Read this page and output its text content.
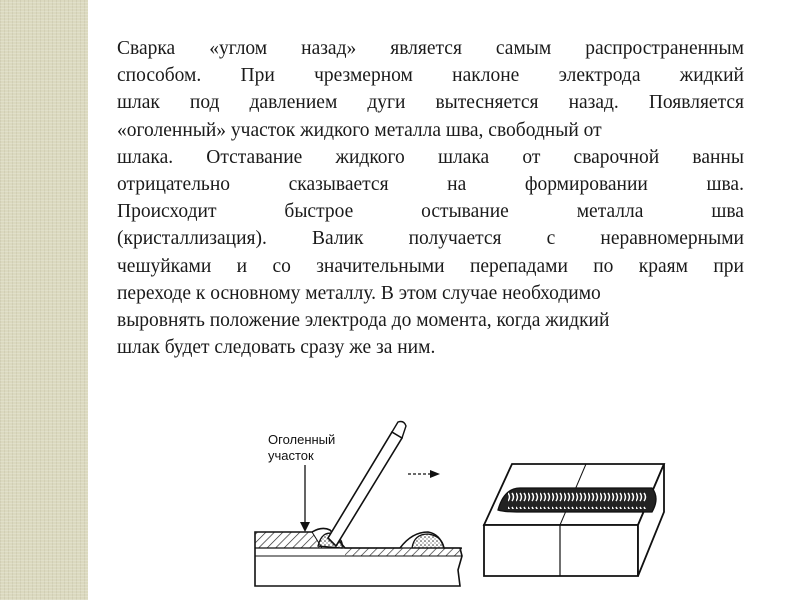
Сварка «углом назад» является самым распространенным
способом. При чрезмерном наклоне электрода жидкий
шлак под давлением дуги вытесняется назад. Появляется
«оголенный» участок жидкого металла шва, свободный от
шлака. Отставание жидкого шлака от сварочной ванны
отрицательно	сказывается	на	формировании	шва.
Происходит	быстрое	остывание	металла	шва
(кристаллизация). Валик получается с неравномерными
чешуйками и со значительными перепадами по краям при
переходе к основному металлу. В этом случае необходимо
выровнять положение электрода до момента, когда жидкий
шлак будет следовать сразу же за ним.
Оголенный
участок
